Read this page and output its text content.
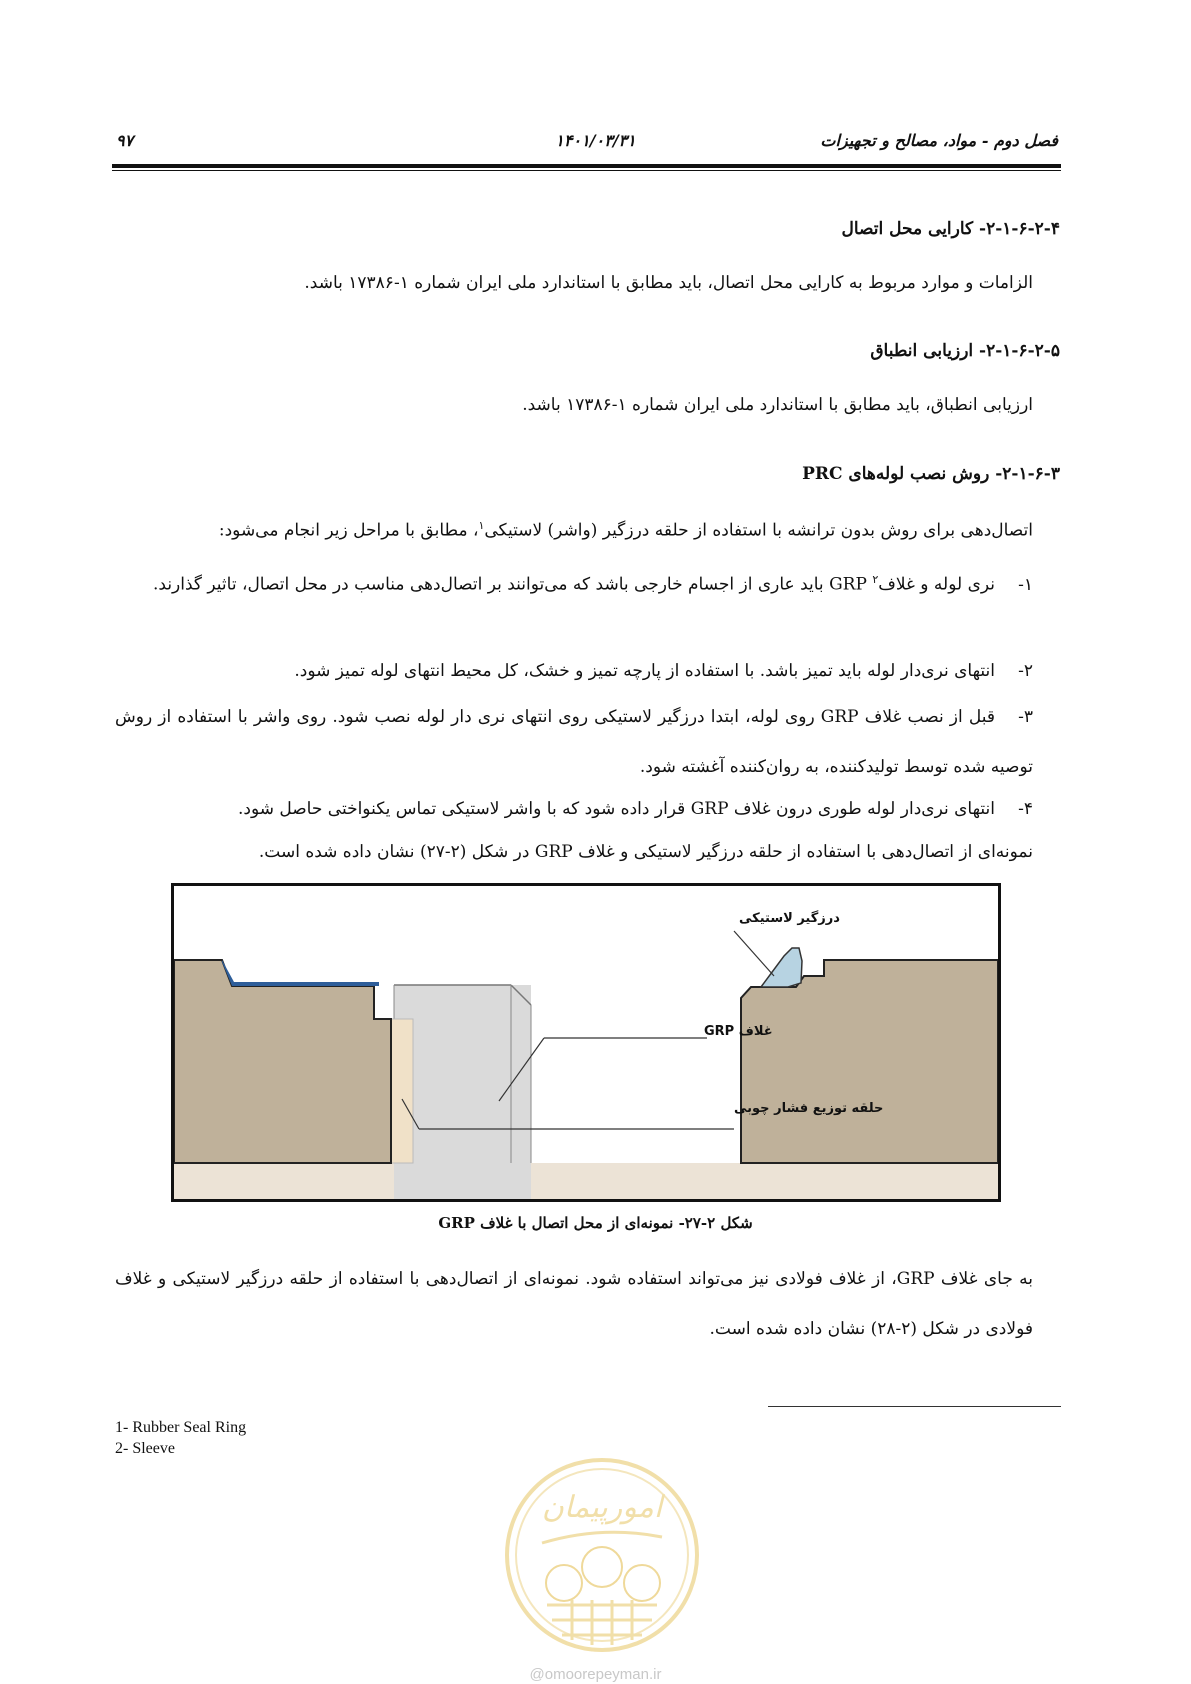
فصل دوم - مواد، مصالح و تجهیزات
۱۴۰۱/۰۳/۳۱
۹۷
۲-۱-۶-۲-۴- کارایی محل اتصال
الزامات و موارد مربوط به کارایی محل اتصال، باید مطابق با استاندارد ملی ایران شماره ۱-۱۷۳۸۶ باشد.
۲-۱-۶-۲-۵- ارزیابی انطباق
ارزیابی انطباق، باید مطابق با استاندارد ملی ایران شماره ۱-۱۷۳۸۶ باشد.
۲-۱-۶-۳- روش نصب لوله‌های PRC
اتصال‌دهی برای روش بدون ترانشه با استفاده از حلقه درزگیر (واشر) لاستیکی$^۱$، مطابق با مراحل زیر انجام می‌شود:
۱-نری لوله و غلاف$^۲$ GRP باید عاری از اجسام خارجی باشد که می‌توانند بر اتصال‌دهی مناسب در محل اتصال، تاثیر گذارند.
۲-انتهای نری‌دار لوله باید تمیز باشد. با استفاده از پارچه تمیز و خشک، کل محیط انتهای لوله تمیز شود.
۳-قبل از نصب غلاف GRP روی لوله، ابتدا درزگیر لاستیکی روی انتهای نری دار لوله نصب شود. روی واشر با استفاده از روش توصیه شده توسط تولیدکننده، به روان‌کننده آغشته شود.
۴-انتهای نری‌دار لوله طوری درون غلاف GRP قرار داده شود که با واشر لاستیکی تماس یکنواختی حاصل شود.
نمونه‌ای از اتصال‌دهی با استفاده از حلقه درزگیر لاستیکی و غلاف GRP در شکل (۲-۲۷) نشان داده شده است.
درزگیر لاستیکی
غلاف GRP
حلقه توزیع فشار چوبی
شکل ۲-۲۷- نمونه‌ای از محل اتصال با غلاف GRP
به جای غلاف GRP، از غلاف فولادی نیز می‌تواند استفاده شود. نمونه‌ای از اتصال‌دهی با استفاده از حلقه درزگیر لاستیکی و غلاف فولادی در شکل (۲-۲۸) نشان داده شده است.
1- Rubber Seal Ring
2- Sleeve
امورپیمان
@omoorepeyman.ir
